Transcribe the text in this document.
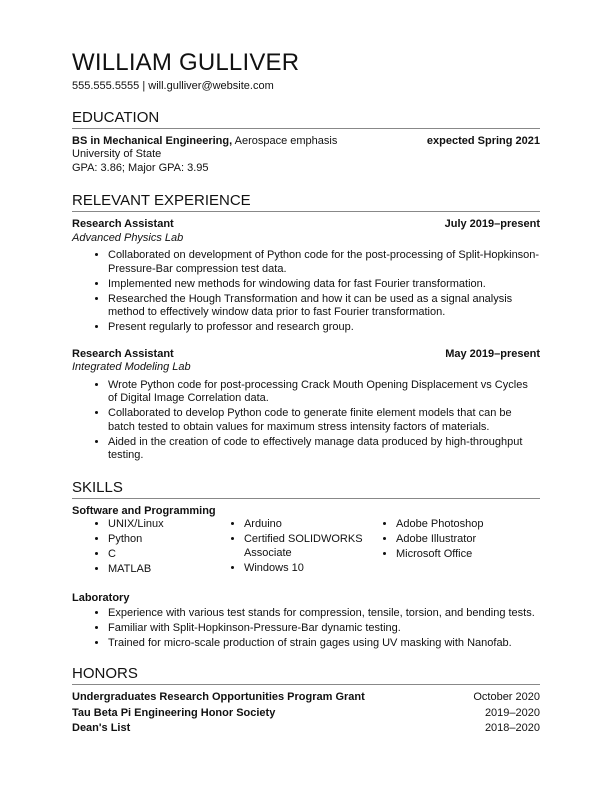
WILLIAM GULLIVER
555.555.5555 | will.gulliver@website.com
EDUCATION
BS in Mechanical Engineering, Aerospace emphasis	expected Spring 2021
University of State
GPA: 3.86; Major GPA: 3.95
RELEVANT EXPERIENCE
Research Assistant	July 2019–present
Advanced Physics Lab
• Collaborated on development of Python code for the post-processing of Split-Hopkinson-Pressure-Bar compression test data.
• Implemented new methods for windowing data for fast Fourier transformation.
• Researched the Hough Transformation and how it can be used as a signal analysis method to effectively window data prior to fast Fourier transformation.
• Present regularly to professor and research group.
Research Assistant	May 2019–present
Integrated Modeling Lab
• Wrote Python code for post-processing Crack Mouth Opening Displacement vs Cycles of Digital Image Correlation data.
• Collaborated to develop Python code to generate finite element models that can be batch tested to obtain values for maximum stress intensity factors of materials.
• Aided in the creation of code to effectively manage data produced by high-throughput testing.
SKILLS
Software and Programming
• UNIX/Linux
• Python
• C
• MATLAB
• Arduino
• Certified SOLIDWORKS Associate
• Windows 10
• Adobe Photoshop
• Adobe Illustrator
• Microsoft Office
Laboratory
• Experience with various test stands for compression, tensile, torsion, and bending tests.
• Familiar with Split-Hopkinson-Pressure-Bar dynamic testing.
• Trained for micro-scale production of strain gages using UV masking with Nanofab.
HONORS
Undergraduates Research Opportunities Program Grant	October 2020
Tau Beta Pi Engineering Honor Society	2019–2020
Dean's List	2018–2020
